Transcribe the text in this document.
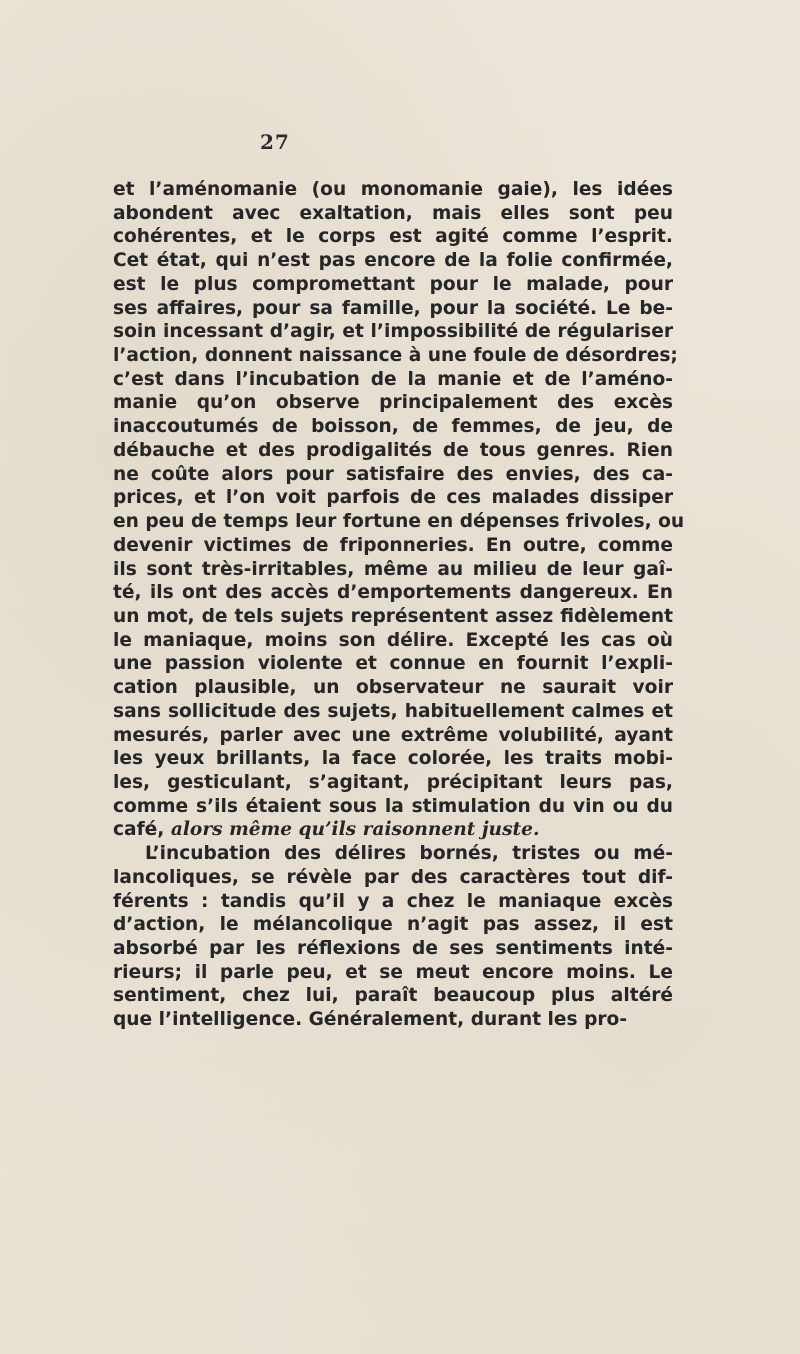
27
et l’aménomanie (ou monomanie gaie), les idées
abondent avec exaltation, mais elles sont peu
cohérentes, et le corps est agité comme l’esprit.
Cet état, qui n’est pas encore de la folie confirmée,
est le plus compromettant pour le malade, pour
ses affaires, pour sa famille, pour la société. Le be-
soin incessant d’agir, et l’impossibilité de régulariser
l’action, donnent naissance à une foule de désordres;
c’est dans l’incubation de la manie et de l’améno-
manie qu’on observe principalement des excès
inaccoutumés de boisson, de femmes, de jeu, de
débauche et des prodigalités de tous genres. Rien
ne coûte alors pour satisfaire des envies, des ca-
prices, et l’on voit parfois de ces malades dissiper
en peu de temps leur fortune en dépenses frivoles, ou
devenir victimes de friponneries. En outre, comme
ils sont très-irritables, même au milieu de leur gaî-
té, ils ont des accès d’emportements dangereux. En
un mot, de tels sujets représentent assez fidèlement
le maniaque, moins son délire. Excepté les cas où
une passion violente et connue en fournit l’expli-
cation plausible, un observateur ne saurait voir
sans sollicitude des sujets, habituellement calmes et
mesurés, parler avec une extrême volubilité, ayant
les yeux brillants, la face colorée, les traits mobi-
les, gesticulant, s’agitant, précipitant leurs pas,
comme s’ils étaient sous la stimulation du vin ou du
café, alors même qu’ils raisonnent juste.
L’incubation des délires bornés, tristes ou mé-
lancoliques, se révèle par des caractères tout dif-
férents : tandis qu’il y a chez le maniaque excès
d’action, le mélancolique n’agit pas assez, il est
absorbé par les réflexions de ses sentiments inté-
rieurs; il parle peu, et se meut encore moins. Le
sentiment, chez lui, paraît beaucoup plus altéré
que l’intelligence. Généralement, durant les pro-
